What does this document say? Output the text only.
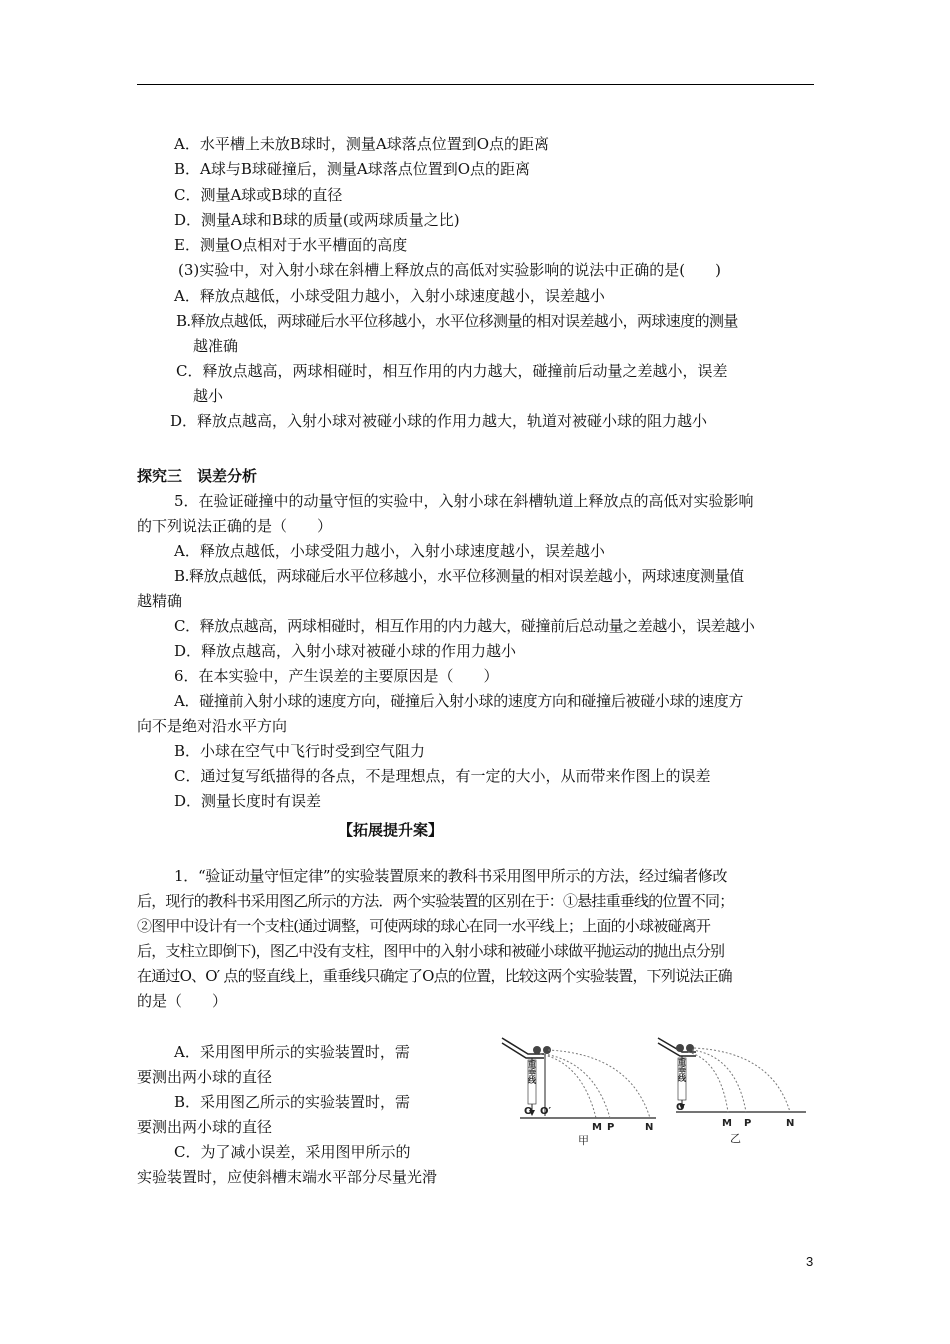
A．水平槽上未放B球时，测量A球落点位置到O点的距离
B．A球与B球碰撞后，测量A球落点位置到O点的距离
C．测量A球或B球的直径
D．测量A球和B球的质量(或两球质量之比)
E．测量O点相对于水平槽面的高度
(3)实验中，对入射小球在斜槽上释放点的高低对实验影响的说法中正确的是(　　)
A．释放点越低，小球受阻力越小，入射小球速度越小，误差越小
B.释放点越低，两球碰后水平位移越小，水平位移测量的相对误差越小，两球速度的测量
越准确
C．释放点越高，两球相碰时，相互作用的内力越大，碰撞前后动量之差越小，误差
越小
D．释放点越高，入射小球对被碰小球的作用力越大，轨道对被碰小球的阻力越小
探究三　误差分析
5．在验证碰撞中的动量守恒的实验中，入射小球在斜槽轨道上释放点的高低对实验影响
的下列说法正确的是（　　）
A．释放点越低，小球受阻力越小，入射小球速度越小，误差越小
B.释放点越低，两球碰后水平位移越小，水平位移测量的相对误差越小，两球速度测量值
越精确
C．释放点越高，两球相碰时，相互作用的内力越大，碰撞前后总动量之差越小，误差越小
D．释放点越高，入射小球对被碰小球的作用力越小
6．在本实验中，产生误差的主要原因是（　　）
A．碰撞前入射小球的速度方向，碰撞后入射小球的速度方向和碰撞后被碰小球的速度方
向不是绝对沿水平方向
B．小球在空气中飞行时受到空气阻力
C．通过复写纸描得的各点，不是理想点，有一定的大小，从而带来作图上的误差
D．测量长度时有误差
【拓展提升案】
1．“验证动量守恒定律”的实验装置原来的教科书采用图甲所示的方法，经过编者修改
后，现行的教科书采用图乙所示的方法．两个实验装置的区别在于：①悬挂重垂线的位置不同；
②图甲中设计有一个支柱(通过调整，可使两球的球心在同一水平线上；上面的小球被碰离开
后，支柱立即倒下)，图乙中没有支柱，图甲中的入射小球和被碰小球做平抛运动的抛出点分别
在通过O、O′ 点的竖直线上，重垂线只确定了O点的位置，比较这两个实验装置，下列说法正确
的是（　　）
A．采用图甲所示的实验装置时，需
要测出两小球的直径
B．采用图乙所示的实验装置时，需
要测出两小球的直径
C．为了减小误差，采用图甲所示的
实验装置时，应使斜槽末端水平部分尽量光滑
重垂线
O O′
M P	N
甲
重垂线
O
M P	N
乙
3
